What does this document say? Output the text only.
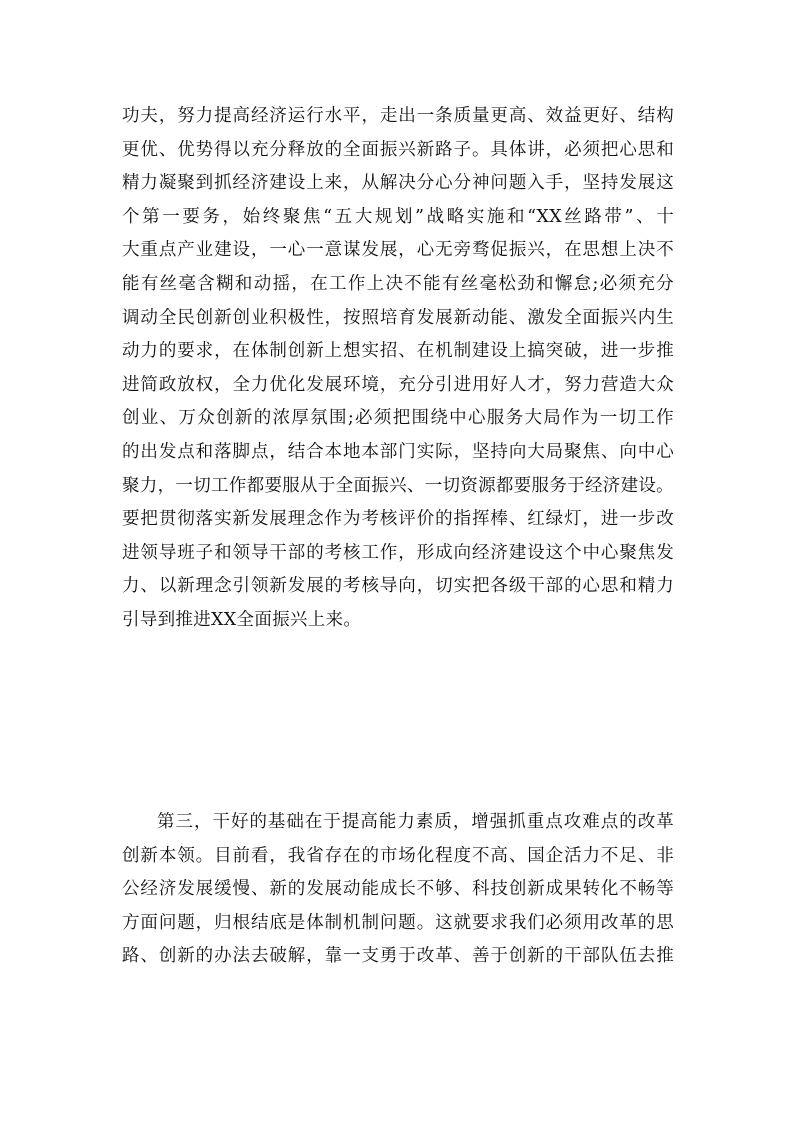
功夫，努力提高经济运行水平，走出一条质量更高、效益更好、结构
更优、优势得以充分释放的全面振兴新路子。具体讲，必须把心思和
精力凝聚到抓经济建设上来，从解决分心分神问题入手，坚持发展这
个第一要务，始终聚焦“五大规划”战略实施和“XX丝路带”、十
大重点产业建设，一心一意谋发展，心无旁骛促振兴，在思想上决不
能有丝毫含糊和动摇，在工作上决不能有丝毫松劲和懈怠;必须充分
调动全民创新创业积极性，按照培育发展新动能、激发全面振兴内生
动力的要求，在体制创新上想实招、在机制建设上搞突破，进一步推
进简政放权，全力优化发展环境，充分引进用好人才，努力营造大众
创业、万众创新的浓厚氛围;必须把围绕中心服务大局作为一切工作
的出发点和落脚点，结合本地本部门实际，坚持向大局聚焦、向中心
聚力，一切工作都要服从于全面振兴、一切资源都要服务于经济建设。
要把贯彻落实新发展理念作为考核评价的指挥棒、红绿灯，进一步改
进领导班子和领导干部的考核工作，形成向经济建设这个中心聚焦发
力、以新理念引领新发展的考核导向，切实把各级干部的心思和精力
引导到推进XX全面振兴上来。
第三，干好的基础在于提高能力素质，增强抓重点攻难点的改革
创新本领。目前看，我省存在的市场化程度不高、国企活力不足、非
公经济发展缓慢、新的发展动能成长不够、科技创新成果转化不畅等
方面问题，归根结底是体制机制问题。这就要求我们必须用改革的思
路、创新的办法去破解，靠一支勇于改革、善于创新的干部队伍去推
